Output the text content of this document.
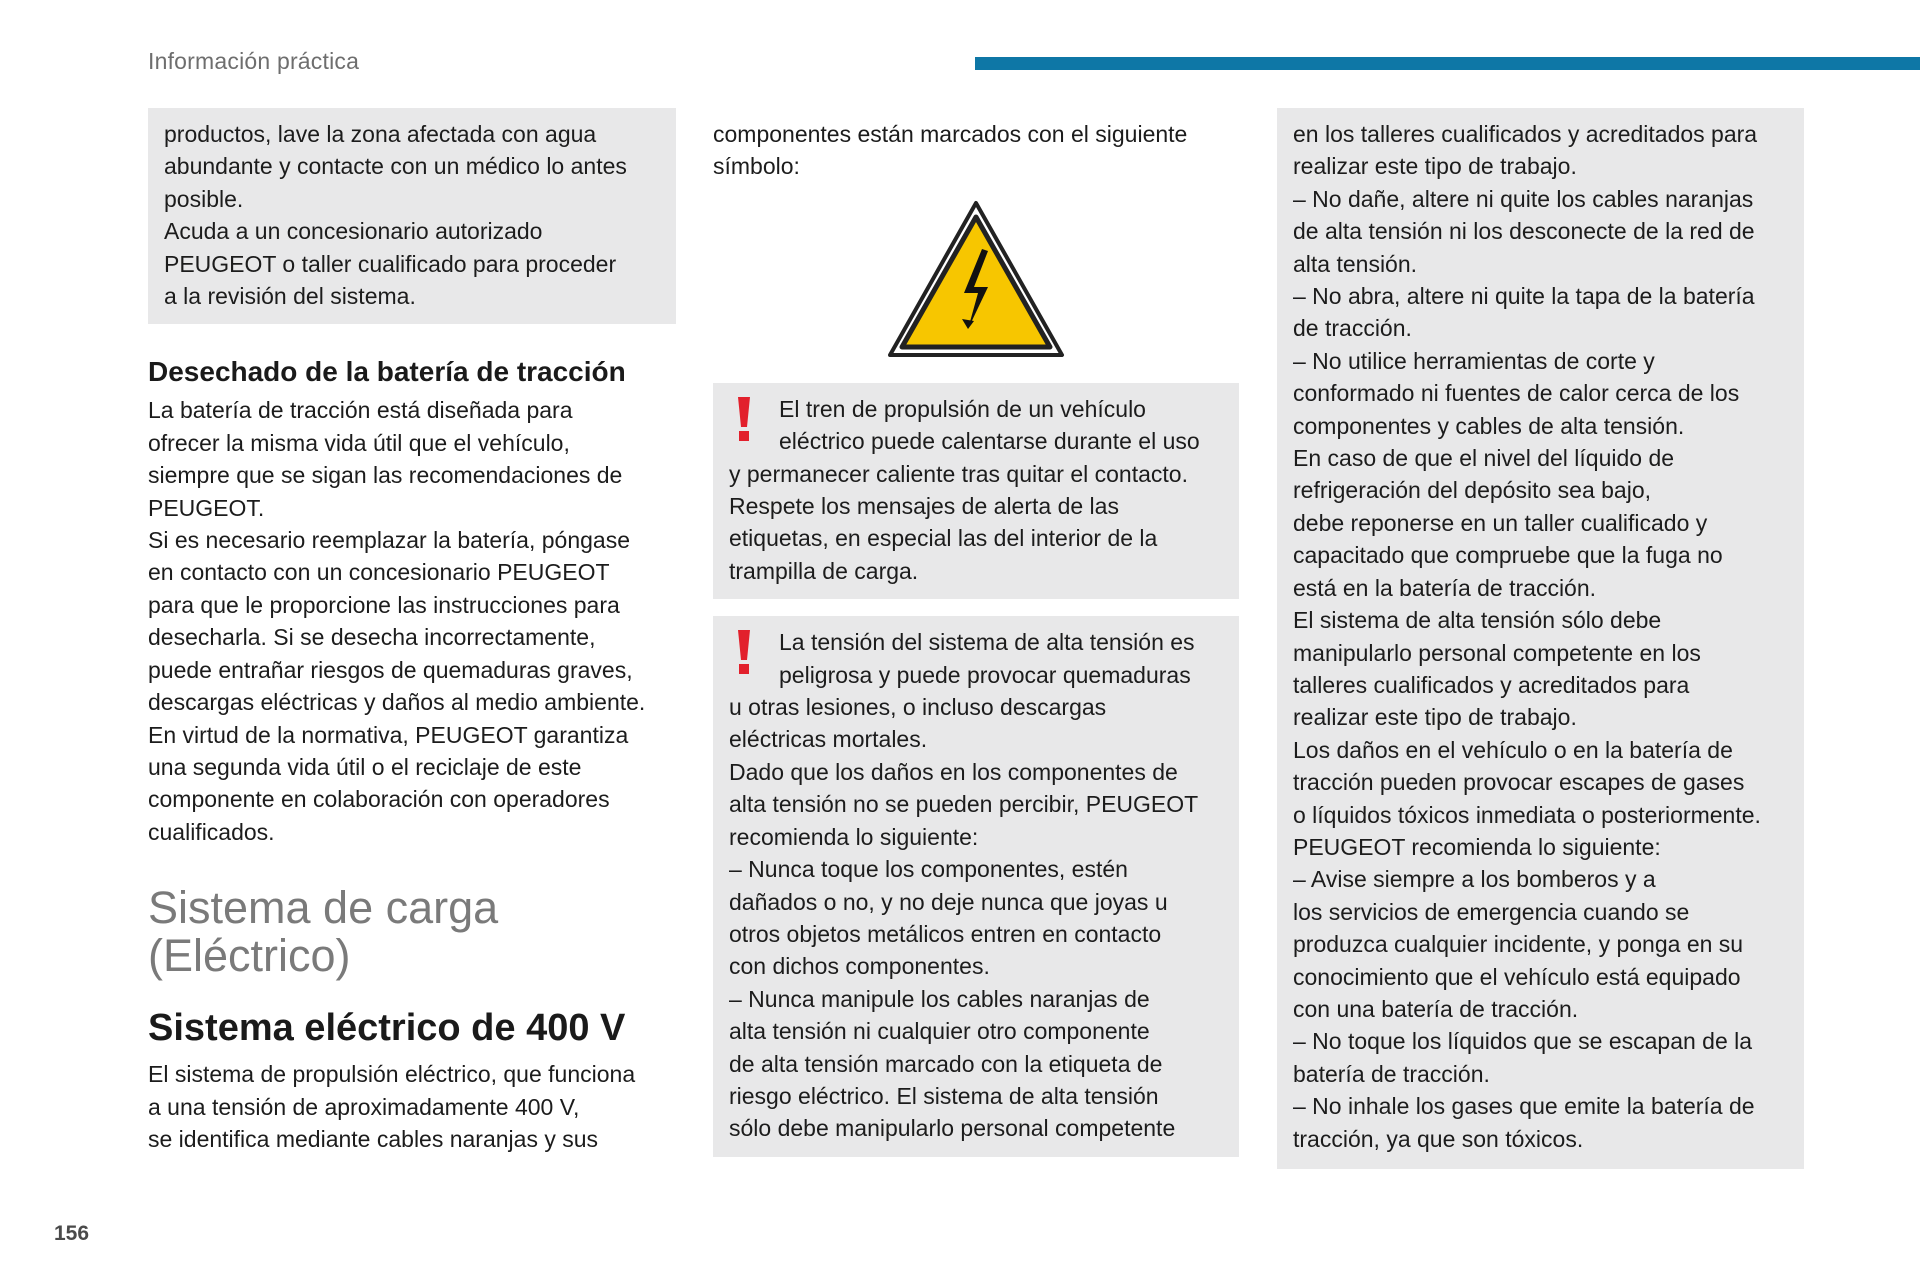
Información práctica

productos, lave la zona afectada con agua

abundante y contacte con un médico lo antes

posible.

Acuda a un concesionario autorizado

PEUGEOT o taller cualificado para proceder

a la revisión del sistema.

Desechado de la batería de tracción

La batería de tracción está diseñada para

ofrecer la misma vida útil que el vehículo,

siempre que se sigan las recomendaciones de

PEUGEOT.

Si es necesario reemplazar la batería, póngase

en contacto con un concesionario PEUGEOT

para que le proporcione las instrucciones para

desecharla. Si se desecha incorrectamente,

puede entrañar riesgos de quemaduras graves,

descargas eléctricas y daños al medio ambiente.

En virtud de la normativa, PEUGEOT garantiza

una segunda vida útil o el reciclaje de este

componente en colaboración con operadores

cualificados.

Sistema de carga
(Eléctrico)
Sistema eléctrico de 400 V

El sistema de propulsión eléctrico, que funciona

a una tensión de aproximadamente 400 V,

se identifica mediante cables naranjas y sus

componentes están marcados con el siguiente

símbolo:

El tren de propulsión de un vehículo

eléctrico puede calentarse durante el uso

y permanecer caliente tras quitar el contacto.

Respete los mensajes de alerta de las

etiquetas, en especial las del interior de la

trampilla de carga.

La tensión del sistema de alta tensión es

peligrosa y puede provocar quemaduras

u otras lesiones, o incluso descargas

eléctricas mortales.

Dado que los daños en los componentes de

alta tensión no se pueden percibir, PEUGEOT

recomienda lo siguiente:

– Nunca toque los componentes, estén

dañados o no, y no deje nunca que joyas u

otros objetos metálicos entren en contacto

con dichos componentes.

– Nunca manipule los cables naranjas de

alta tensión ni cualquier otro componente

de alta tensión marcado con la etiqueta de

riesgo eléctrico. El sistema de alta tensión

sólo debe manipularlo personal competente

en los talleres cualificados y acreditados para

realizar este tipo de trabajo.

– No dañe, altere ni quite los cables naranjas

de alta tensión ni los desconecte de la red de

alta tensión.

– No abra, altere ni quite la tapa de la batería

de tracción.

– No utilice herramientas de corte y

conformado ni fuentes de calor cerca de los

componentes y cables de alta tensión.

En caso de que el nivel del líquido de

refrigeración del depósito sea bajo,

debe reponerse en un taller cualificado y

capacitado que compruebe que la fuga no

está en la batería de tracción.

El sistema de alta tensión sólo debe

manipularlo personal competente en los

talleres cualificados y acreditados para

realizar este tipo de trabajo.

Los daños en el vehículo o en la batería de

tracción pueden provocar escapes de gases

o líquidos tóxicos inmediata o posteriormente.

PEUGEOT recomienda lo siguiente:

– Avise siempre a los bomberos y a

los servicios de emergencia cuando se

produzca cualquier incidente, y ponga en su

conocimiento que el vehículo está equipado

con una batería de tracción.

– No toque los líquidos que se escapan de la

batería de tracción.

– No inhale los gases que emite la batería de

tracción, ya que son tóxicos.

156
